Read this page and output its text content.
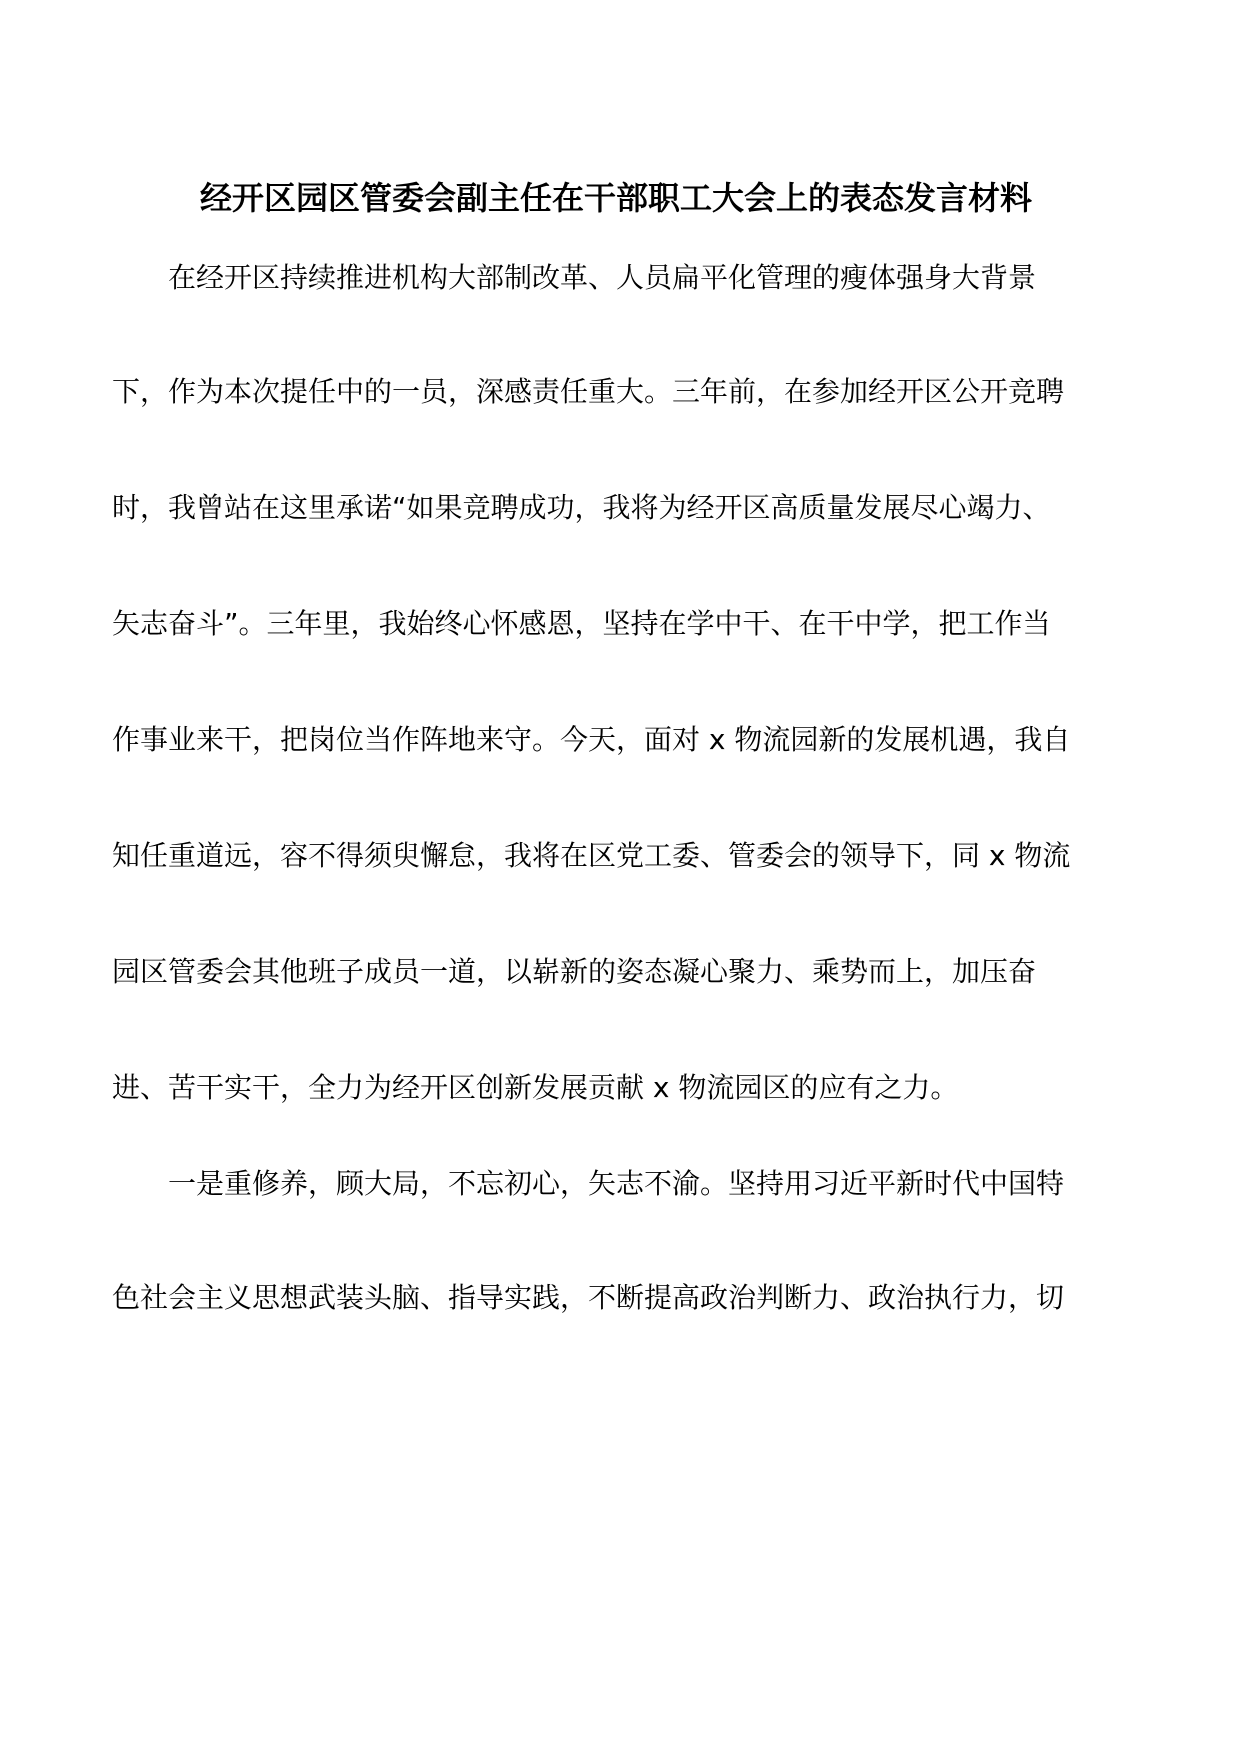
经开区园区管委会副主任在干部职工大会上的表态发言材料

在经开区持续推进机构大部制改革、人员扁平化管理的瘦体强身大背景

下，作为本次提任中的一员，深感责任重大。三年前，在参加经开区公开竞聘

时，我曾站在这里承诺“如果竞聘成功，我将为经开区高质量发展尽心竭力、

矢志奋斗”。三年里，我始终心怀感恩，坚持在学中干、在干中学，把工作当

作事业来干，把岗位当作阵地来守。今天，面对 x 物流园新的发展机遇，我自

知任重道远，容不得须臾懈怠，我将在区党工委、管委会的领导下，同 x 物流

园区管委会其他班子成员一道，以崭新的姿态凝心聚力、乘势而上，加压奋

进、苦干实干，全力为经开区创新发展贡献 x 物流园区的应有之力。

一是重修养，顾大局，不忘初心，矢志不渝。坚持用习近平新时代中国特

色社会主义思想武装头脑、指导实践，不断提高政治判断力、政治执行力，切
